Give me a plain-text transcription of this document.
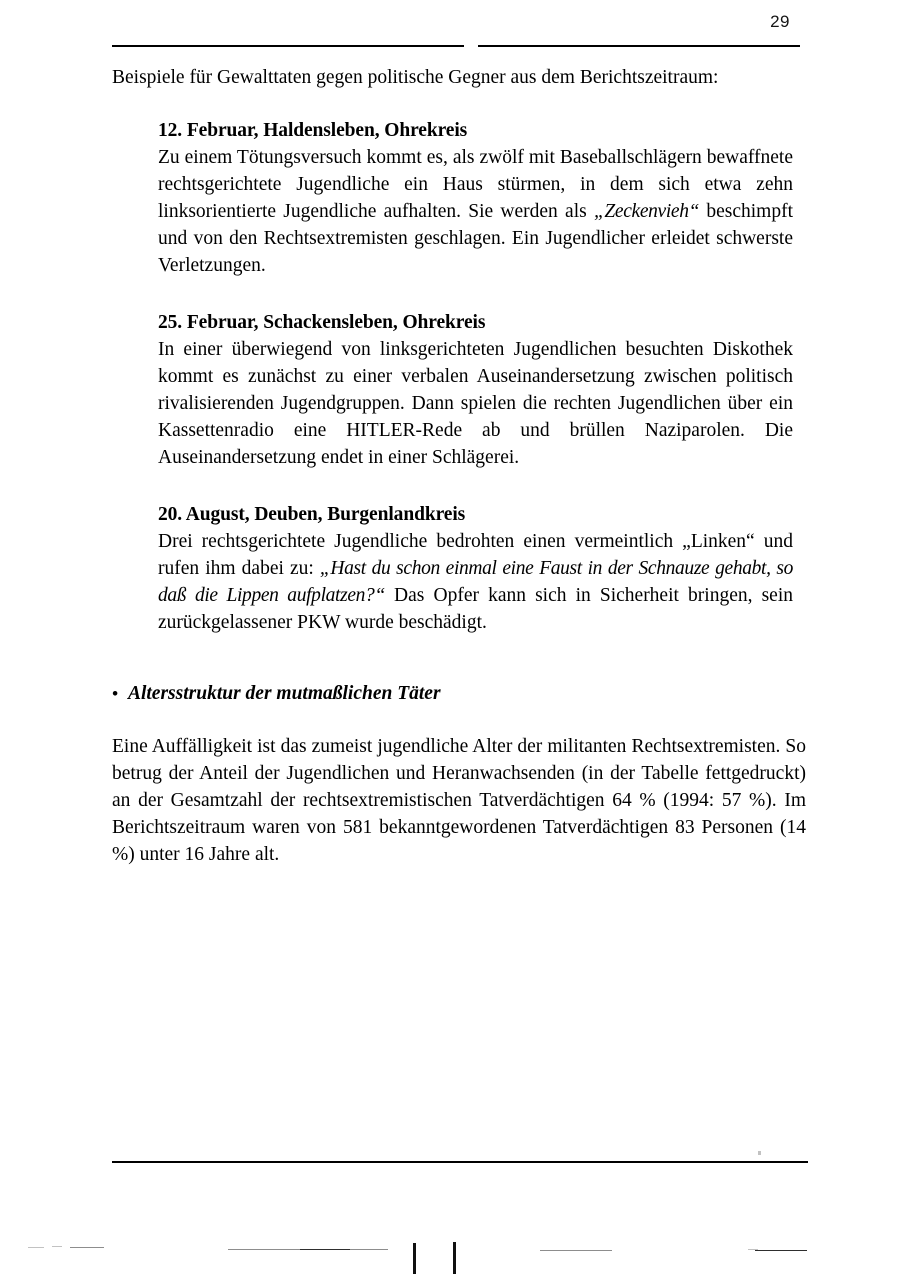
29

Beispiele für Gewalttaten gegen politische Gegner aus dem Berichtszeitraum:

12. Februar, Haldensleben, Ohrekreis

Zu einem Tötungsversuch kommt es, als zwölf mit Baseballschlägern bewaffnete rechtsgerichtete Jugendliche ein Haus stürmen, in dem sich etwa zehn linksorientierte Jugendliche aufhalten. Sie werden als „Zeckenvieh“ beschimpft und von den Rechtsextremisten geschlagen. Ein Jugendlicher erleidet schwerste Verletzungen.

25. Februar, Schackensleben, Ohrekreis

In einer überwiegend von linksgerichteten Jugendlichen besuchten Diskothek kommt es zunächst zu einer verbalen Auseinandersetzung zwischen politisch rivalisierenden Jugendgruppen. Dann spielen die rechten Jugendlichen über ein Kassettenradio eine HITLER-Rede ab und brüllen Naziparolen. Die Auseinandersetzung endet in einer Schlägerei.

20. August, Deuben, Burgenlandkreis

Drei rechtsgerichtete Jugendliche bedrohten einen vermeintlich „Linken“ und rufen ihm dabei zu: „Hast du schon einmal eine Faust in der Schnauze gehabt, so daß die Lippen aufplatzen?“ Das Opfer kann sich in Sicherheit bringen, sein zurückgelassener PKW wurde beschädigt.

• Altersstruktur der mutmaßlichen Täter

Eine Auffälligkeit ist das zumeist jugendliche Alter der militanten Rechtsextremisten. So betrug der Anteil der Jugendlichen und Heranwachsenden (in der Tabelle fettgedruckt) an der Gesamtzahl der rechtsextremistischen Tatverdächtigen 64 % (1994: 57 %). Im Berichtszeitraum waren von 581 bekanntgewordenen Tatverdächtigen 83 Personen (14 %) unter 16 Jahre alt.
